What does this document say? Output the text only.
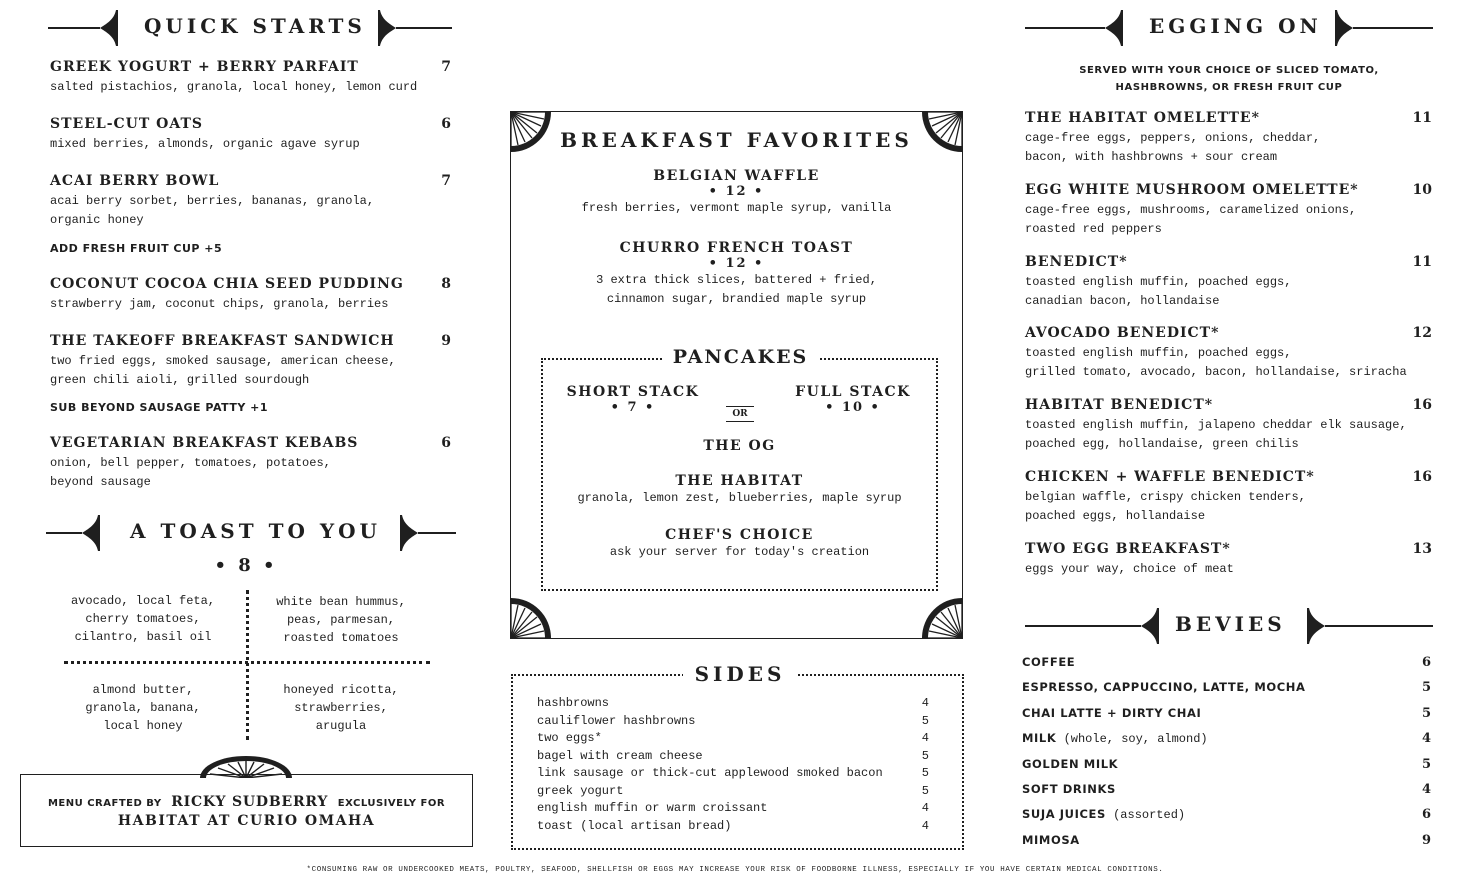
QUICK STARTS
GREEK YOGURT + BERRY PARFAIT	7
salted pistachios, granola, local honey, lemon curd
STEEL-CUT OATS	6
mixed berries, almonds, organic agave syrup
ACAI BERRY BOWL	7
acai berry sorbet, berries, bananas, granola,
organic honey
ADD FRESH FRUIT CUP +5
COCONUT COCOA CHIA SEED PUDDING	8
strawberry jam, coconut chips, granola, berries
THE TAKEOFF BREAKFAST SANDWICH	9
two fried eggs, smoked sausage, american cheese,
green chili aioli, grilled sourdough
SUB BEYOND SAUSAGE PATTY +1
VEGETARIAN BREAKFAST KEBABS	6
onion, bell pepper, tomatoes, potatoes,
beyond sausage
A TOAST TO YOU
• 8 •
avocado, local feta,
cherry tomatoes,
cilantro, basil oil
white bean hummus,
peas, parmesan,
roasted tomatoes
almond butter,
granola, banana,
local honey
honeyed ricotta,
strawberries,
arugula
MENU CRAFTED BY RICKY SUDBERRY EXCLUSIVELY FOR
HABITAT AT CURIO OMAHA
BREAKFAST FAVORITES
BELGIAN WAFFLE
• 12 •
fresh berries, vermont maple syrup, vanilla
CHURRO FRENCH TOAST
• 12 •
3 extra thick slices, battered + fried,
cinnamon sugar, brandied maple syrup
PANCAKES
SHORT STACK
• 7 •	OR
FULL STACK
• 10 •
THE OG
THE HABITAT
granola, lemon zest, blueberries, maple syrup
CHEF'S CHOICE
ask your server for today's creation
SIDES
hashbrowns	4
cauliflower hashbrowns	5
two eggs*	4
bagel with cream cheese	5
link sausage or thick-cut applewood smoked bacon	5
greek yogurt	5
english muffin or warm croissant	4
toast (local artisan bread)	4
EGGING ON
SERVED WITH YOUR CHOICE OF SLICED TOMATO,
HASHBROWNS, OR FRESH FRUIT CUP
THE HABITAT OMELETTE*	11
cage-free eggs, peppers, onions, cheddar,
bacon, with hashbrowns + sour cream
EGG WHITE MUSHROOM OMELETTE*	10
cage-free eggs, mushrooms, caramelized onions,
roasted red peppers
BENEDICT*	11
toasted english muffin, poached eggs,
canadian bacon, hollandaise
AVOCADO BENEDICT*	12
toasted english muffin, poached eggs,
grilled tomato, avocado, bacon, hollandaise, sriracha
HABITAT BENEDICT*	16
toasted english muffin, jalapeno cheddar elk sausage,
poached egg, hollandaise, green chilis
CHICKEN + WAFFLE BENEDICT*	16
belgian waffle, crispy chicken tenders,
poached eggs, hollandaise
TWO EGG BREAKFAST*	13
eggs your way, choice of meat
BEVIES
COFFEE	6
ESPRESSO, CAPPUCCINO, LATTE, MOCHA	5
CHAI LATTE + DIRTY CHAI	5
MILK (whole, soy, almond)	4
GOLDEN MILK	5
SOFT DRINKS	4
SUJA JUICES (assorted)	6
MIMOSA	9
*CONSUMING RAW OR UNDERCOOKED MEATS, POULTRY, SEAFOOD, SHELLFISH OR EGGS MAY INCREASE YOUR RISK OF FOODBORNE ILLNESS, ESPECIALLY IF YOU HAVE CERTAIN MEDICAL CONDITIONS.
